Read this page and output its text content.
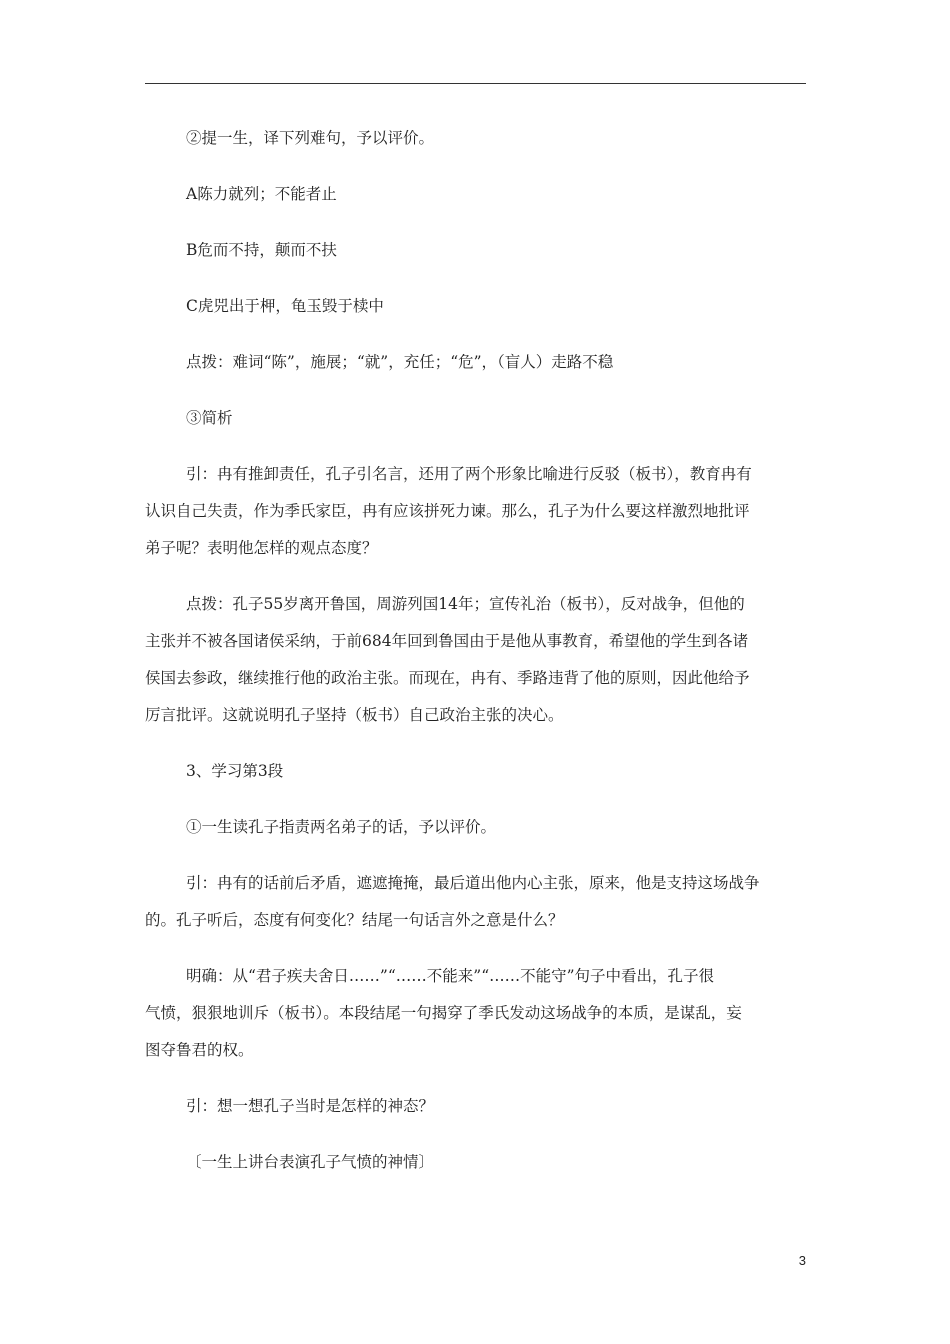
②提一生，译下列难句，予以评价。

A陈力就列；不能者止

B危而不持，颠而不扶

C虎兕出于柙，龟玉毁于椟中

点拨：难词“陈”，施展；“就”，充任；“危”，（盲人）走路不稳

③简析

引：冉有推卸责任，孔子引名言，还用了两个形象比喻进行反驳（板书），教育冉有

认识自己失责，作为季氏家臣，冉有应该拼死力谏。那么，孔子为什么要这样激烈地批评

弟子呢？表明他怎样的观点态度？

点拨：孔子55岁离开鲁国，周游列国14年；宣传礼治（板书），反对战争，但他的

主张并不被各国诸侯采纳，于前684年回到鲁国由于是他从事教育，希望他的学生到各诸

侯国去参政，继续推行他的政治主张。而现在，冉有、季路违背了他的原则，因此他给予

厉言批评。这就说明孔子坚持（板书）自己政治主张的决心。

3、学习第3段

①一生读孔子指责两名弟子的话，予以评价。

引：冉有的话前后矛盾，遮遮掩掩，最后道出他内心主张，原来，他是支持这场战争

的。孔子听后，态度有何变化？结尾一句话言外之意是什么？

明确：从“君子疾夫舍日……”“……不能来”“……不能守”句子中看出，孔子很

气愤，狠狠地训斥（板书）。本段结尾一句揭穿了季氏发动这场战争的本质，是谋乱，妄

图夺鲁君的权。

引：想一想孔子当时是怎样的神态？

〔一生上讲台表演孔子气愤的神情〕

3
